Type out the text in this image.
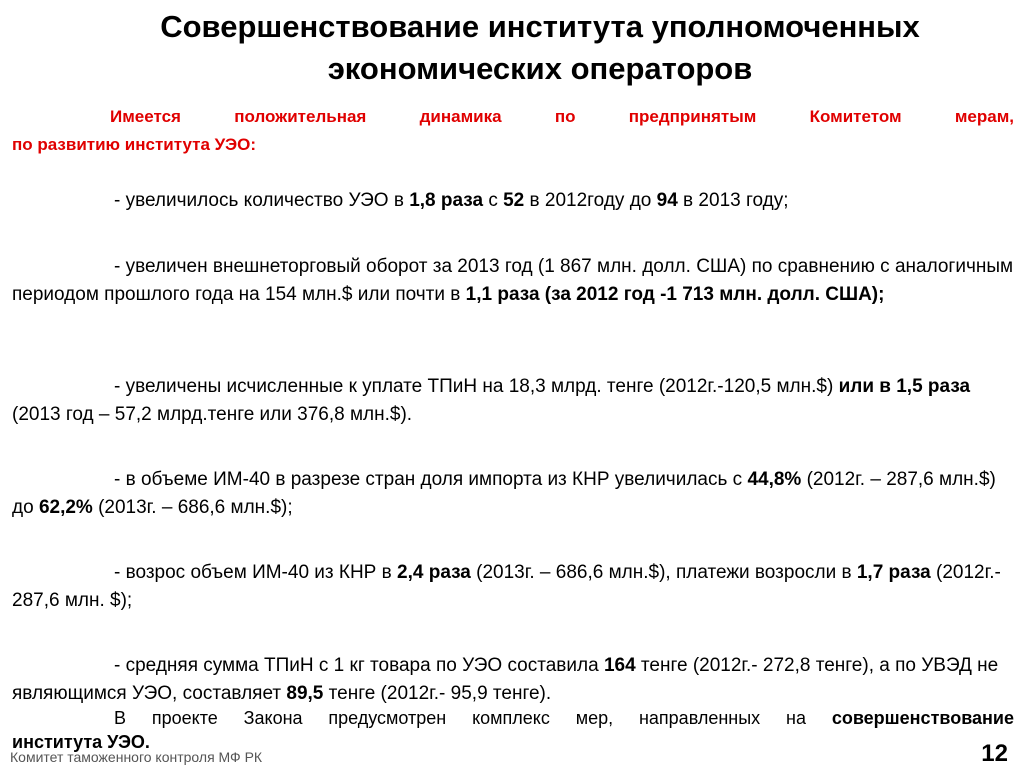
Совершенствование института уполномоченных
экономических операторов
Имеется положительная динамика по предпринятым Комитетом мерам,
по развитию института УЭО:
- увеличилось количество УЭО в 1,8 раза с 52 в 2012году до 94 в 2013 году;
- увеличен внешнеторговый оборот за 2013 год (1 867 млн. долл. США) по сравнению с аналогичным периодом прошлого года на 154 млн.$ или почти в 1,1 раза (за 2012 год -1 713 млн. долл. США);
- увеличены исчисленные к уплате ТПиН на 18,3 млрд. тенге (2012г.-120,5 млн.$) или в 1,5 раза (2013 год – 57,2 млрд.тенге или 376,8 млн.$).
- в объеме ИМ-40 в разрезе стран доля импорта из КНР увеличилась с 44,8% (2012г. – 287,6 млн.$) до 62,2% (2013г. – 686,6 млн.$);
- возрос объем ИМ-40 из КНР в 2,4 раза (2013г. – 686,6 млн.$), платежи возросли в 1,7 раза (2012г.- 287,6 млн. $);
- средняя сумма ТПиН с 1 кг товара по УЭО составила 164 тенге (2012г.- 272,8 тенге), а по УВЭД не являющимся УЭО, составляет 89,5 тенге (2012г.- 95,9 тенге).
В проекте Закона предусмотрен комплекс мер, направленных на совершенствование
института УЭО.
Комитет таможенного контроля МФ РК	12
